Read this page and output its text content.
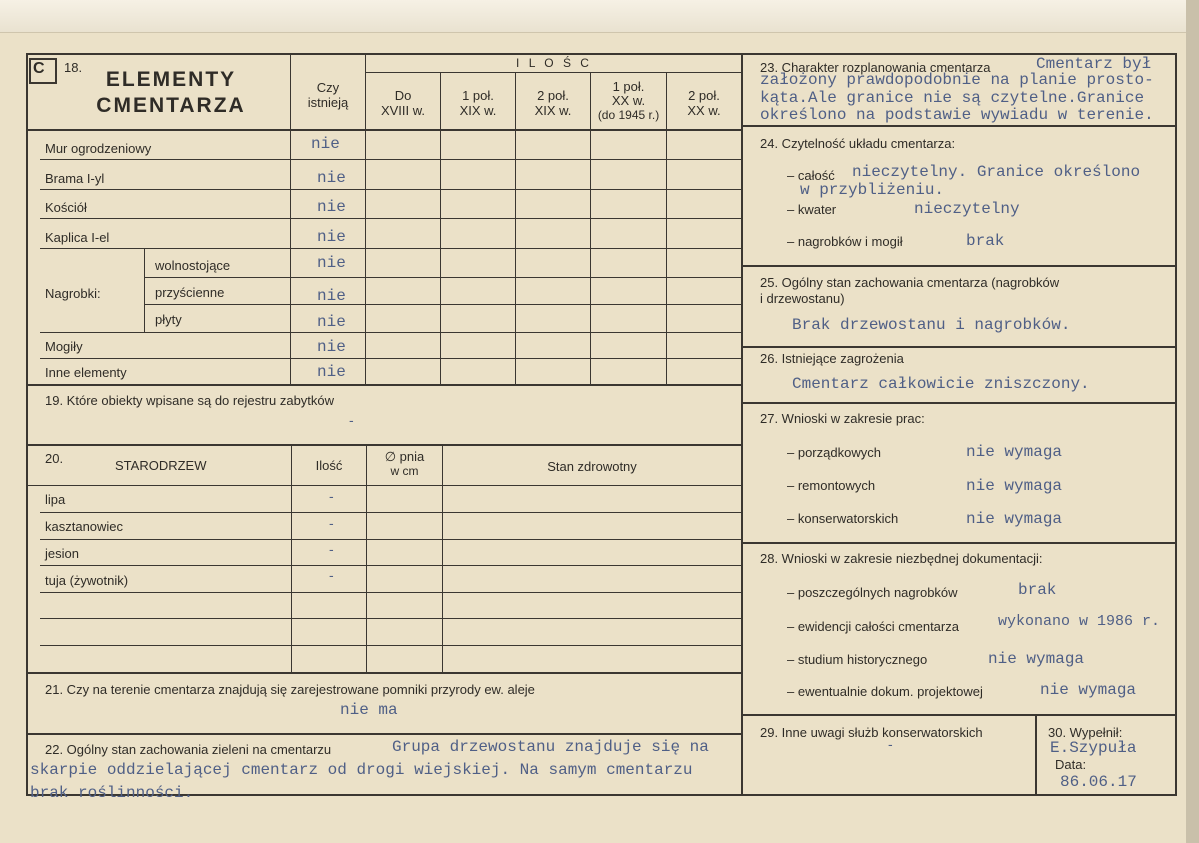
C 18.
ELEMENTY
CMENTARZA
Czy
istnieją
I L O Ś C
Do
XVIII w.
1 poł.
XIX w.
2 poł.
XIX w.
1 poł.
XX w.
(do 1945 r.)
2 poł.
XX w.
Mur ogrodzeniowy	nie
Brama I-yl	nie
Kościół	nie
Kaplica I-el	nie
Nagrobki:
wolnostojące	nie
przyścienne	nie
płyty	nie
Mogiły	nie
Inne elementy	nie
19. Które obiekty wpisane są do rejestru zabytków
-
20.	STARODRZEW	Ilość
∅ pnia
w cm	Stan zdrowotny
lipa	-
kasztanowiec	-
jesion	-
tuja (żywotnik)	-
21. Czy na terenie cmentarza znajdują się zarejestrowane pomniki przyrody ew. aleje
nie ma
22. Ogólny stan zachowania zieleni na cmentarzu	Grupa drzewostanu znajduje się na
skarpie oddzielającej cmentarz od drogi wiejskiej. Na samym cmentarzu
brak roślinności.
23. Charakter rozplanowania cmentarza	Cmentarz był
założony prawdopodobnie na planie prosto-
kąta.Ale granice nie są czytelne.Granice
określono na podstawie wywiadu w terenie.
24. Czytelność układu cmentarza:
– całość nieczytelny. Granice określono
w przybliżeniu.
– kwater	nieczytelny
– nagrobków i mogił	brak
25. Ogólny stan zachowania cmentarza (nagrobków
i drzewostanu)
Brak drzewostanu i nagrobków.
26. Istniejące zagrożenia
Cmentarz całkowicie zniszczony.
27. Wnioski w zakresie prac:
– porządkowych	nie wymaga
– remontowych	nie wymaga
– konserwatorskich	nie wymaga
28. Wnioski w zakresie niezbędnej dokumentacji:
– poszczególnych nagrobków	brak
– ewidencji całości cmentarza	wykonano w 1986 r.
– studium historycznego	nie wymaga
– ewentualnie dokum. projektowej	nie wymaga
29. Inne uwagi służb konserwatorskich
-
30. Wypełnił:
E.Szypuła
Data:
86.06.17
